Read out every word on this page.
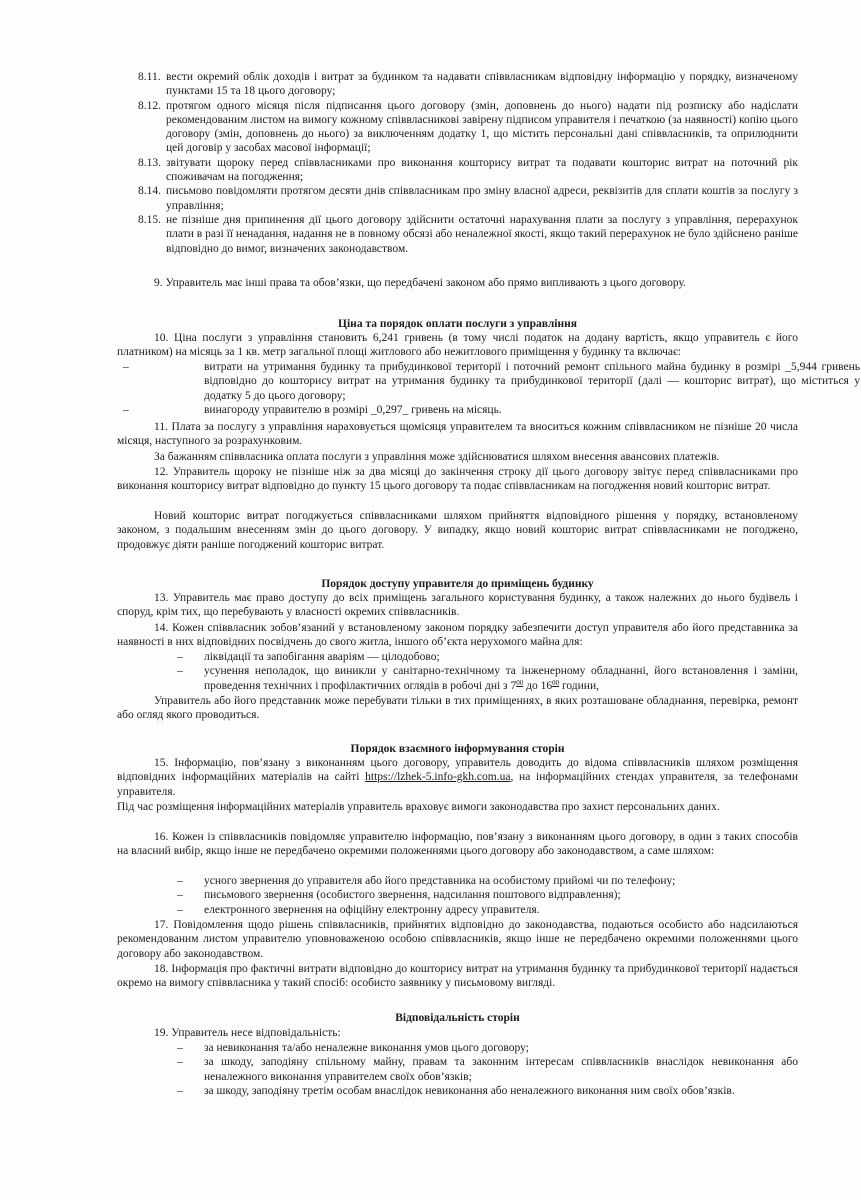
8.11. вести окремий облік доходів і витрат за будинком та надавати співвласникам відповідну інформацію у порядку, визначеному пунктами 15 та 18 цього договору;
8.12. протягом одного місяця після підписання цього договору (змін, доповнень до нього) надати під розписку або надіслати рекомендованим листом на вимогу кожному співвласникові завірену підписом управителя і печаткою (за наявності) копію цього договору (змін, доповнень до нього) за виключенням додатку 1, що містить персональні дані співвласників, та оприлюднити цей договір у засобах масової інформації;
8.13. звітувати щороку перед співвласниками про виконання кошторису витрат та подавати кошторис витрат на поточний рік споживачам на погодження;
8.14. письмово повідомляти протягом десяти днів співвласникам про зміну власної адреси, реквізитів для сплати коштів за послугу з управління;
8.15. не пізніше дня припинення дії цього договору здійснити остаточні нарахування плати за послугу з управління, перерахунок плати в разі її ненадання, надання не в повному обсязі або неналежної якості, якщо такий перерахунок не було здійснено раніше відповідно до вимог, визначених законодавством.
9. Управитель має інші права та обов’язки, що передбачені законом або прямо випливають з цього договору.
Ціна та порядок оплати послуги з управління
10. Ціна послуги з управління становить 6,241 гривень (в тому числі податок на додану вартість, якщо управитель є його платником) на місяць за 1 кв. метр загальної площі житлового або нежитлового приміщення у будинку та включає:
–	витрати на утримання будинку та прибудинкової території і поточний ремонт спільного майна будинку в розмірі _5,944 гривень відповідно до кошторису витрат на утримання будинку та прибудинкової території (далі — кошторис витрат), що міститься у додатку 5 до цього договору;
–	винагороду управителю в розмірі _0,297_ гривень на місяць.
11. Плата за послугу з управління нараховується щомісяця управителем та вноситься кожним співвласником не пізніше 20 числа місяця, наступного за розрахунковим.
За бажанням співвласника оплата послуги з управління може здійснюватися шляхом внесення авансових платежів.
12. Управитель щороку не пізніше ніж за два місяці до закінчення строку дії цього договору звітує перед співвласниками про виконання кошторису витрат відповідно до пункту 15 цього договору та подає співвласникам на погодження новий кошторис витрат.
Новий кошторис витрат погоджується співвласниками шляхом прийняття відповідного рішення у порядку, встановленому законом, з подальшим внесенням змін до цього договору. У випадку, якщо новий кошторис витрат співвласниками не погоджено, продовжує діяти раніше погоджений кошторис витрат.
Порядок доступу управителя до приміщень будинку
13. Управитель має право доступу до всіх приміщень загального користування будинку, а також належних до нього будівель і споруд, крім тих, що перебувають у власності окремих співвласників.
14. Кожен співвласник зобов’язаний у встановленому законом порядку забезпечити доступ управителя або його представника за наявності в них відповідних посвідчень до свого житла, іншого об’єкта нерухомого майна для:
– ліквідації та запобігання аваріям — цілодобово;
– усунення неполадок, що виникли у санітарно-технічному та інженерному обладнанні, його встановлення і заміни, проведення технічних і профілактичних оглядів в робочі дні з $7^{00}$ до $16^{00}$ години,
Управитель або його представник може перебувати тільки в тих приміщеннях, в яких розташоване обладнання, перевірка, ремонт або огляд якого проводиться.
Порядок взаємного інформування сторін
15. Інформацію, пов’язану з виконанням цього договору, управитель доводить до відома співвласників шляхом розміщення відповідних інформаційних матеріалів на сайті https://lzhek-5.info-gkh.com.ua, на інформаційних стендах управителя, за телефонами управителя.
Під час розміщення інформаційних матеріалів управитель враховує вимоги законодавства про захист персональних даних.
16. Кожен із співвласників повідомляє управителю інформацію, пов’язану з виконанням цього договору, в один з таких способів на власний вибір, якщо інше не передбачено окремими положеннями цього договору або законодавством, а саме шляхом:
– усного звернення до управителя або його представника на особистому прийомі чи по телефону;
– письмового звернення (особистого звернення, надсилання поштового відправлення);
– електронного звернення на офіційну електронну адресу управителя.
17. Повідомлення щодо рішень співвласників, прийнятих відповідно до законодавства, подаються особисто або надсилаються рекомендованим листом управителю уповноваженою особою співвласників, якщо інше не передбачено окремими положеннями цього договору або законодавством.
18. Інформація про фактичні витрати відповідно до кошторису витрат на утримання будинку та прибудинкової території надається окремо на вимогу співвласника у такий спосіб: особисто заявнику у письмовому вигляді.
Відповідальність сторін
19. Управитель несе відповідальність:
– за невиконання та/або неналежне виконання умов цього договору;
– за шкоду, заподіяну спільному майну, правам та законним інтересам співвласників внаслідок невиконання або неналежного виконання управителем своїх обов’язків;
– за шкоду, заподіяну третім особам внаслідок невиконання або неналежного виконання ним своїх обов’язків.
